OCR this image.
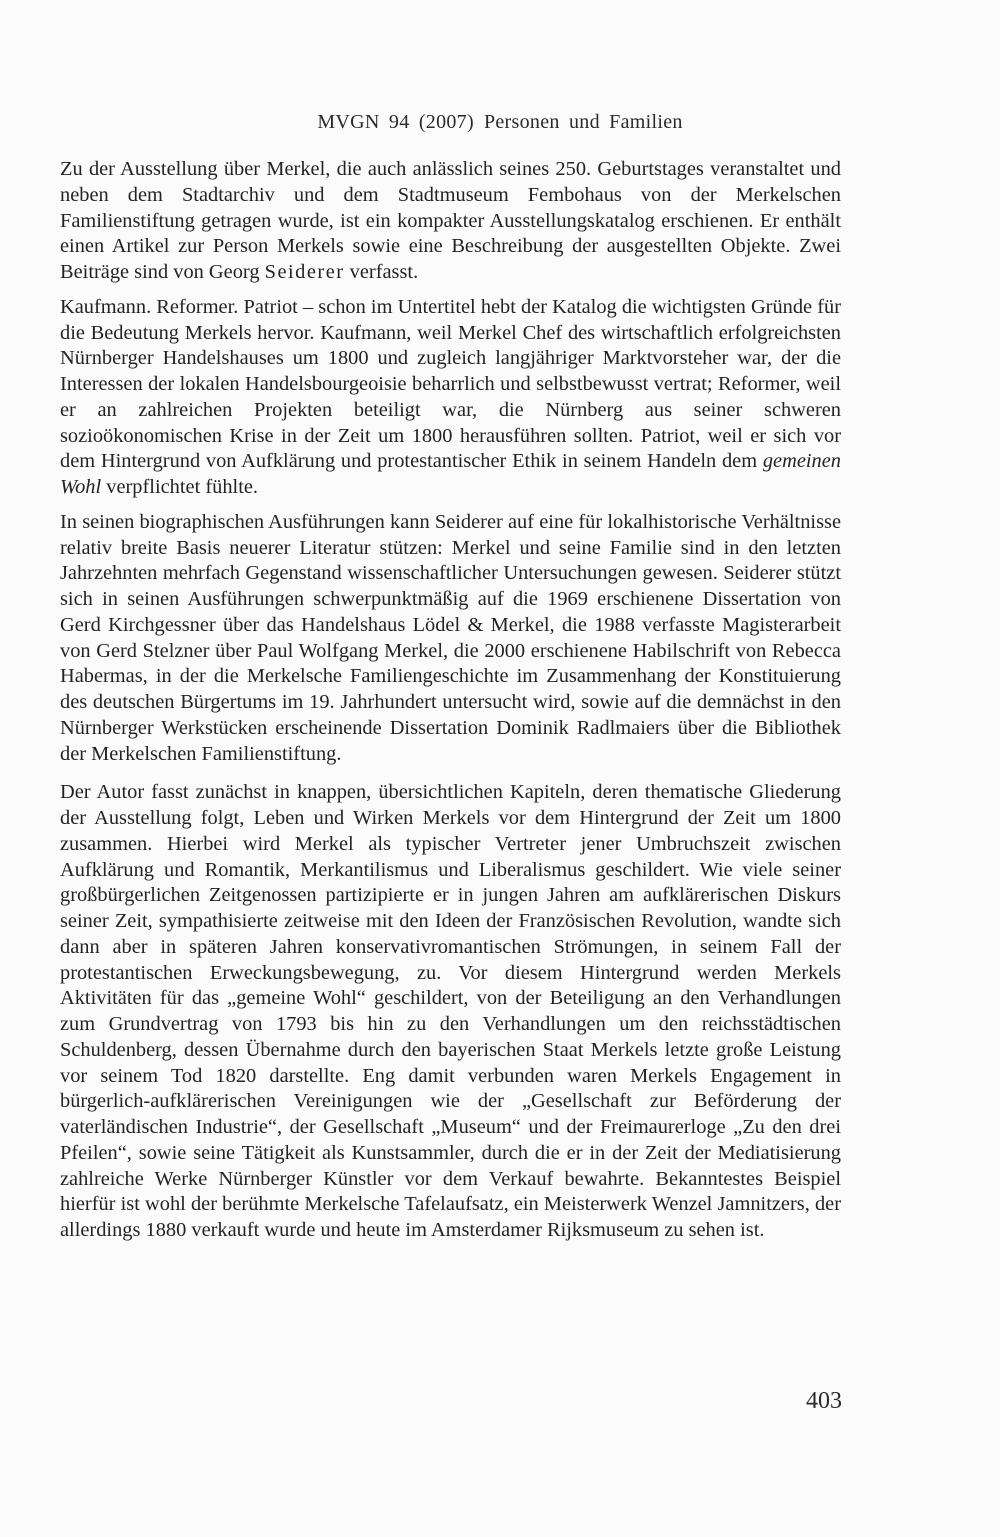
MVGN 94 (2007) Personen und Familien

Zu der Ausstellung über Merkel, die auch anlässlich seines 250. Geburtstages veranstaltet und neben dem Stadtarchiv und dem Stadtmuseum Fembohaus von der Merkelschen Familienstiftung getragen wurde, ist ein kompakter Ausstellungskatalog erschienen. Er enthält einen Artikel zur Person Merkels sowie eine Beschreibung der ausgestellten Objekte. Zwei Beiträge sind von Georg Seiderer verfasst.

Kaufmann. Reformer. Patriot – schon im Untertitel hebt der Katalog die wichtigsten Gründe für die Bedeutung Merkels hervor. Kaufmann, weil Merkel Chef des wirtschaftlich erfolgreichsten Nürnberger Handelshauses um 1800 und zugleich langjähriger Marktvorsteher war, der die Interessen der lokalen Handelsbourgeoisie beharrlich und selbstbewusst vertrat; Reformer, weil er an zahlreichen Projekten beteiligt war, die Nürnberg aus seiner schweren sozioökonomischen Krise in der Zeit um 1800 herausführen sollten. Patriot, weil er sich vor dem Hintergrund von Aufklärung und protestantischer Ethik in seinem Handeln dem gemeinen Wohl verpflichtet fühlte.

In seinen biographischen Ausführungen kann Seiderer auf eine für lokalhistorische Verhältnisse relativ breite Basis neuerer Literatur stützen: Merkel und seine Familie sind in den letzten Jahrzehnten mehrfach Gegenstand wissenschaftlicher Untersuchungen gewesen. Seiderer stützt sich in seinen Ausführungen schwerpunktmäßig auf die 1969 erschienene Dissertation von Gerd Kirchgessner über das Handelshaus Lödel & Merkel, die 1988 verfasste Magisterarbeit von Gerd Stelzner über Paul Wolfgang Merkel, die 2000 erschienene Habilschrift von Rebecca Habermas, in der die Merkelsche Familiengeschichte im Zusammenhang der Konstituierung des deutschen Bürgertums im 19. Jahrhundert untersucht wird, sowie auf die demnächst in den Nürnberger Werkstücken erscheinende Dissertation Dominik Radlmaiers über die Bibliothek der Merkelschen Familienstiftung.

Der Autor fasst zunächst in knappen, übersichtlichen Kapiteln, deren thematische Gliederung der Ausstellung folgt, Leben und Wirken Merkels vor dem Hintergrund der Zeit um 1800 zusammen. Hierbei wird Merkel als typischer Vertreter jener Umbruchszeit zwischen Aufklärung und Romantik, Merkantilismus und Liberalismus geschildert. Wie viele seiner großbürgerlichen Zeitgenossen partizipierte er in jungen Jahren am aufklärerischen Diskurs seiner Zeit, sympathisierte zeitweise mit den Ideen der Französischen Revolution, wandte sich dann aber in späteren Jahren konservativromantischen Strömungen, in seinem Fall der protestantischen Erweckungsbewegung, zu. Vor diesem Hintergrund werden Merkels Aktivitäten für das „gemeine Wohl“ geschildert, von der Beteiligung an den Verhandlungen zum Grundvertrag von 1793 bis hin zu den Verhandlungen um den reichsstädtischen Schuldenberg, dessen Übernahme durch den bayerischen Staat Merkels letzte große Leistung vor seinem Tod 1820 darstellte. Eng damit verbunden waren Merkels Engagement in bürgerlich-aufklärerischen Vereinigungen wie der „Gesellschaft zur Beförderung der vaterländischen Industrie“, der Gesellschaft „Museum“ und der Freimaurerloge „Zu den drei Pfeilen“, sowie seine Tätigkeit als Kunstsammler, durch die er in der Zeit der Mediatisierung zahlreiche Werke Nürnberger Künstler vor dem Verkauf bewahrte. Bekanntestes Beispiel hierfür ist wohl der berühmte Merkelsche Tafelaufsatz, ein Meisterwerk Wenzel Jamnitzers, der allerdings 1880 verkauft wurde und heute im Amsterdamer Rijksmuseum zu sehen ist.

403
